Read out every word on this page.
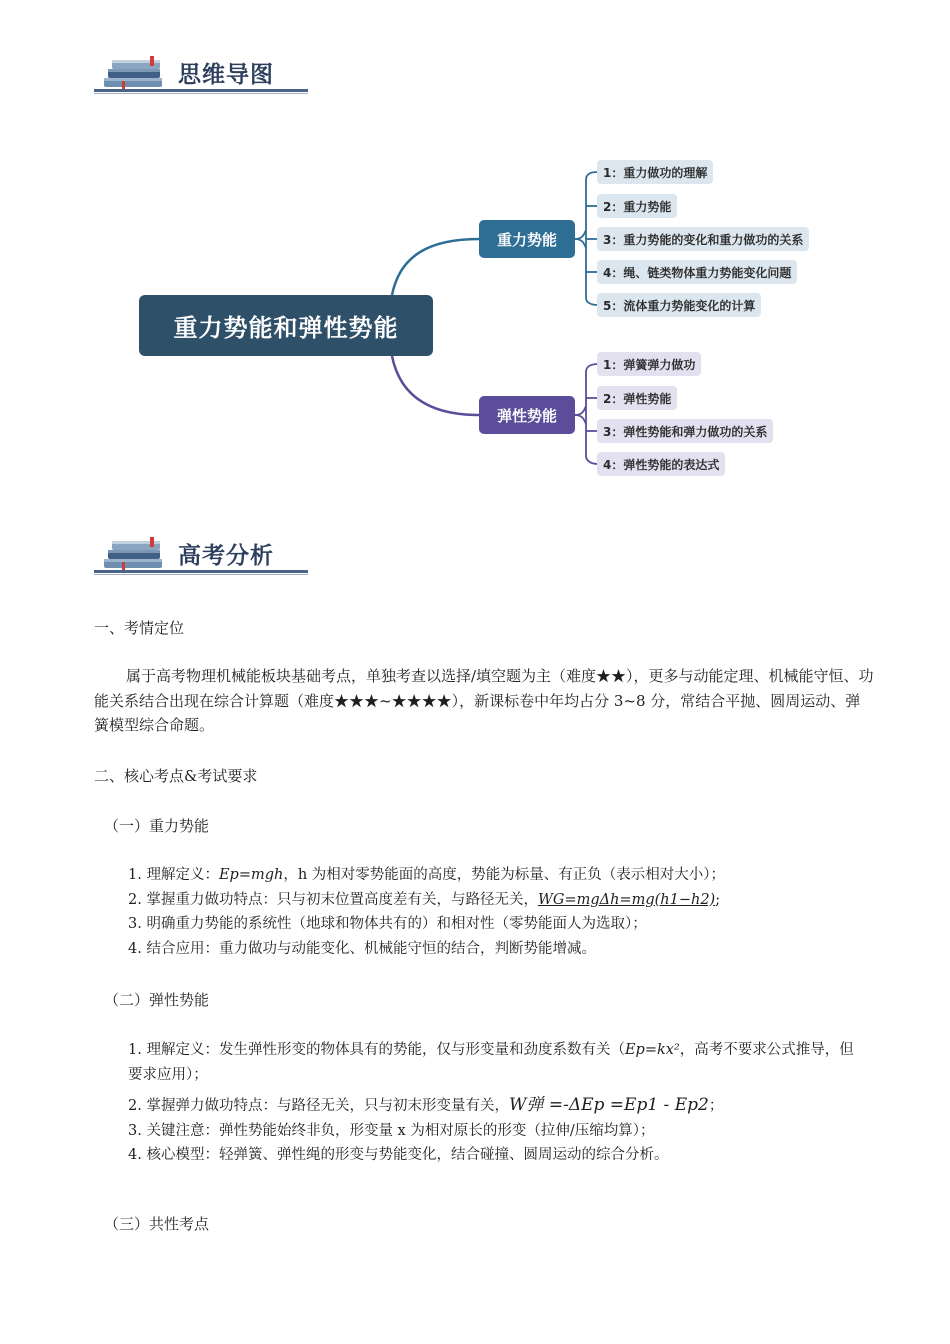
思维导图
重力势能和弹性势能
重力势能
弹性势能
1：重力做功的理解
2：重力势能
3：重力势能的变化和重力做功的关系
4：绳、链类物体重力势能变化问题
5：流体重力势能变化的计算
1：弹簧弹力做功
2：弹性势能
3：弹性势能和弹力做功的关系
4：弹性势能的表达式
高考分析
一、考情定位
属于高考物理机械能板块基础考点，单独考查以选择/填空题为主（难度★★），更多与动能定理、机械能守恒、功能关系结合出现在综合计算题（难度★★★~★★★★），新课标卷中年均占分 3~8 分，常结合平抛、圆周运动、弹簧模型综合命题。
二、核心考点&考试要求
（一）重力势能
1. 理解定义：Ep=mgh，h 为相对零势能面的高度，势能为标量、有正负（表示相对大小）；
2. 掌握重力做功特点：只与初末位置高度差有关，与路径无关，WG=mgΔh=mg(h1−h2);
3. 明确重力势能的系统性（地球和物体共有的）和相对性（零势能面人为选取）；
4. 结合应用：重力做功与动能变化、机械能守恒的结合，判断势能增减。
（二）弹性势能
1. 理解定义：发生弹性形变的物体具有的势能，仅与形变量和劲度系数有关（Ep=kx²，高考不要求公式推导，但要求应用）；
2. 掌握弹力做功特点：与路径无关，只与初末形变量有关，W弹 =-ΔEp =Ep1 - Ep2；
3. 关键注意：弹性势能始终非负，形变量 x 为相对原长的形变（拉伸/压缩均算）；
4. 核心模型：轻弹簧、弹性绳的形变与势能变化，结合碰撞、圆周运动的综合分析。
（三）共性考点
